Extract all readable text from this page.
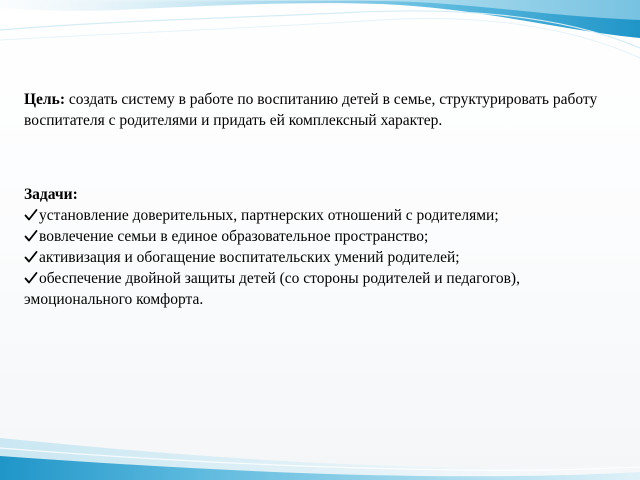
Цель: создать систему в работе по воспитанию детей в семье, структурировать работу воспитателя с родителями и придать ей комплексный характер.

Задачи:

установление доверительных, партнерских отношений с родителями;
вовлечение семьи в единое образовательное пространство;
активизация и обогащение воспитательских умений родителей;
обеспечение двойной защиты детей (со стороны родителей и педагогов), эмоционального комфорта.
